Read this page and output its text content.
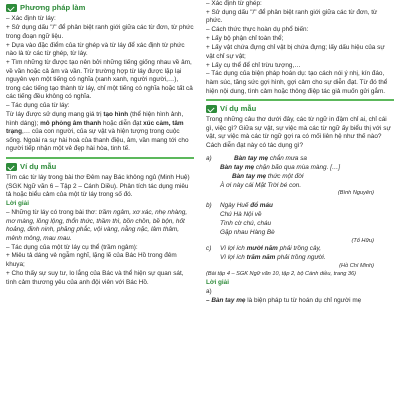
Phương pháp làm

– Xác định từ láy:

+ Sử dụng dấu "/" để phân biệt ranh giới giữa các từ đơn, từ phức trong đoạn ngữ liệu.

+ Dựa vào đặc điểm của từ ghép và từ láy để xác định từ phức nào là từ các từ ghép, từ láy.

+ Tìm những từ được tạo nên bởi những tiếng giống nhau về âm, về vần hoặc cả âm và vần. Trừ trường hợp từ láy được lặp lại nguyên vẹn một tiếng có nghĩa (xanh xanh, người người,…), trong các tiếng tạo thành từ láy, chỉ một tiếng có nghĩa hoặc tất cả các tiếng đều không có nghĩa.

– Tác dụng của từ láy:

Từ láy được sử dụng mang giá trị tạo hình (thể hiện hình ảnh, hình dáng); mô phỏng âm thanh hoặc diễn đạt xúc cảm, tâm trạng,… của con người, của sự vật và hiện tượng trong cuộc sống. Ngoài ra sự hài hoà của thanh điệu, âm, vần mang tới cho người tiếp nhận một vẻ đẹp hài hòa, tinh tế.

Ví dụ mẫu

Tìm các từ láy trong bài thơ Đêm nay Bác không ngủ (Minh Huệ) (SGK Ngữ văn 6 – Tập 2 – Cánh Diều). Phân tích tác dụng miêu tả hoặc biểu cảm của một từ láy trong số đó.

Lời giải

– Những từ láy có trong bài thơ: trầm ngâm, xơ xác, nhẹ nhàng, mơ màng, lồng lộng, thổn thức, thầm thì, bồn chồn, bề bộn, hốt hoảng, đinh ninh, phăng phắc, vội vàng, nằng nặc, lâm thâm, mênh mông, mau mau.

– Tác dụng của một từ láy cụ thể (trầm ngâm):

+ Miêu tả dáng vẻ ngẫm nghĩ, lặng lẽ của Bác Hồ trong đêm khuya;

+ Cho thấy sự suy tư, lo lắng của Bác và thể hiện sự quan sát, tình cảm thương yêu của anh đội viên với Bác Hồ.

– Xác định từ ghép:

+ Sử dụng dấu "/" để phân biệt ranh giới giữa các từ đơn, từ phức.

– Cách thức thực hoàn dụ phổ biến:

+ Lấy bộ phận chỉ toàn thể;

+ Lấy vật chứa đựng chỉ vật bị chứa đựng; lấy dấu hiệu của sự vật chỉ sự vật;

+ Lấy cụ thể để chỉ trừu tượng,…

– Tác dụng của biện pháp hoán dụ: tạo cách nói ý nhị, kín đáo, hàm súc, tăng sức gợi hình, gợi cảm cho sự diễn đạt. Từ đó thể hiện nội dung, tình cảm hoặc thông điệp tác giả muốn gửi gắm.

Ví dụ mẫu

Trong những câu thơ dưới đây, các từ ngữ in đậm chỉ ai, chỉ cái gì, việc gì? Giữa sự vật, sự việc mà các từ ngữ ấy biểu thị với sự vật, sự việc mà các từ ngữ gợi ra có mối liên hệ như thế nào? Cách diễn đạt này có tác dụng gì?

a)	Bàn tay mẹ chắn mưa sa

Bàn tay mẹ chặn bão qua mùa màng. […]

Bàn tay mẹ thức một đời

À ơi này cái Mặt Trời bé con.

(Bình Nguyên)

b) Ngày Huế đổ máu

Chú Hà Nội về

Tình cờ chú, cháu

Gặp nhau Hàng Bè

(Tố Hữu)

c) Vì lợi ích mười năm phải trồng cây,

Vì lợi ích trăm năm phải trồng người.

(Hồ Chí Minh)

(Bài tập 4 – SGK Ngữ văn 10, tập 2, bộ Cánh diều, trang 36)

Lời giải

a)

– Bàn tay mẹ là biện pháp tu từ hoán dụ chỉ người mẹ
